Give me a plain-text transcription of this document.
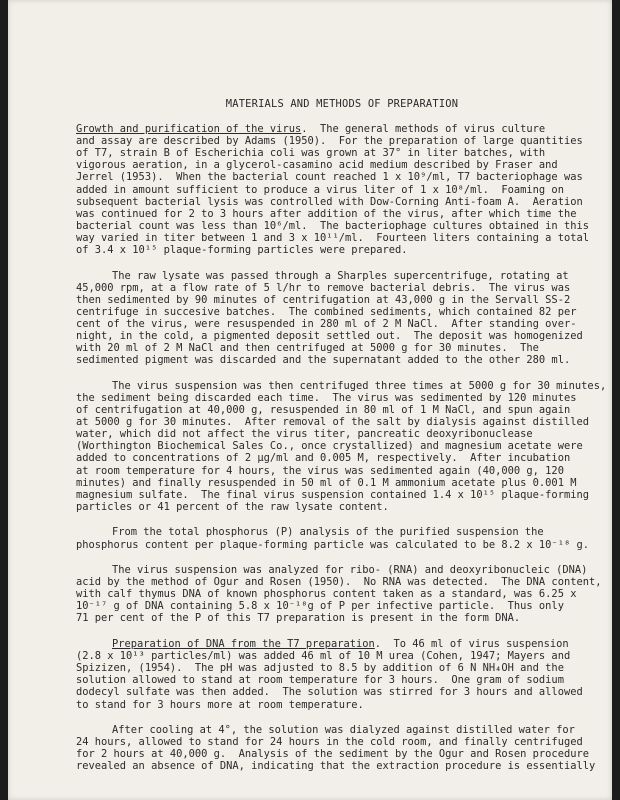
MATERIALS AND METHODS OF PREPARATION
Growth and purification of the virus.  The general methods of virus culture
and assay are described by Adams (1950).  For the preparation of large quantities
of T7, strain B of Escherichia coli was grown at 37° in liter batches, with
vigorous aeration, in a glycerol-casamino acid medium described by Fraser and
Jerrel (1953).  When the bacterial count reached 1 x 10⁹/ml, T7 bacteriophage was
added in amount sufficient to produce a virus liter of 1 x 10⁸/ml.  Foaming on
subsequent bacterial lysis was controlled with Dow-Corning Anti-foam A.  Aeration
was continued for 2 to 3 hours after addition of the virus, after which time the
bacterial count was less than 10⁶/ml.  The bacteriophage cultures obtained in this
way varied in titer between 1 and 3 x 10¹¹/ml.  Fourteen liters containing a total
of 3.4 x 10¹⁵ plaque-forming particles were prepared.
The raw lysate was passed through a Sharples supercentrifuge, rotating at
45,000 rpm, at a flow rate of 5 l/hr to remove bacterial debris.  The virus was
then sedimented by 90 minutes of centrifugation at 43,000 g in the Servall SS-2
centrifuge in succesive batches.  The combined sediments, which contained 82 per
cent of the virus, were resuspended in 280 ml of 2 M NaCl.  After standing over-
night, in the cold, a pigmented deposit settled out.  The deposit was homogenized
with 20 ml of 2 M NaCl and then centrifuged at 5000 g for 30 minutes.  The
sedimented pigment was discarded and the supernatant added to the other 280 ml.
The virus suspension was then centrifuged three times at 5000 g for 30 minutes,
the sediment being discarded each time.  The virus was sedimented by 120 minutes
of centrifugation at 40,000 g, resuspended in 80 ml of 1 M NaCl, and spun again
at 5000 g for 30 minutes.  After removal of the salt by dialysis against distilled
water, which did not affect the virus titer, pancreatic deoxyribonuclease
(Worthington Biochemical Sales Co., once crystallized) and magnesium acetate were
added to concentrations of 2 µg/ml and 0.005 M, respectively.  After incubation
at room temperature for 4 hours, the virus was sedimented again (40,000 g, 120
minutes) and finally resuspended in 50 ml of 0.1 M ammonium acetate plus 0.001 M
magnesium sulfate.  The final virus suspension contained 1.4 x 10¹⁵ plaque-forming
particles or 41 percent of the raw lysate content.
From the total phosphorus (P) analysis of the purified suspension the
phosphorus content per plaque-forming particle was calculated to be 8.2 x 10⁻¹⁸ g.
The virus suspension was analyzed for ribo- (RNA) and deoxyribonucleic (DNA)
acid by the method of Ogur and Rosen (1950).  No RNA was detected.  The DNA content,
with calf thymus DNA of known phosphorus content taken as a standard, was 6.25 x
10⁻¹⁷ g of DNA containing 5.8 x 10⁻¹⁸g of P per infective particle.  Thus only
71 per cent of the P of this T7 preparation is present in the form DNA.
Preparation of DNA from the T7 preparation.  To 46 ml of virus suspension
(2.8 x 10¹³ particles/ml) was added 46 ml of 10 M urea (Cohen, 1947; Mayers and
Spizizen, (1954).  The pH was adjusted to 8.5 by addition of 6 N NH₄OH and the
solution allowed to stand at room temperature for 3 hours.  One gram of sodium
dodecyl sulfate was then added.  The solution was stirred for 3 hours and allowed
to stand for 3 hours more at room temperature.
After cooling at 4°, the solution was dialyzed against distilled water for
24 hours, allowed to stand for 24 hours in the cold room, and finally centrifuged
for 2 hours at 40,000 g.  Analysis of the sediment by the Ogur and Rosen procedure
revealed an absence of DNA, indicating that the extraction procedure is essentially
